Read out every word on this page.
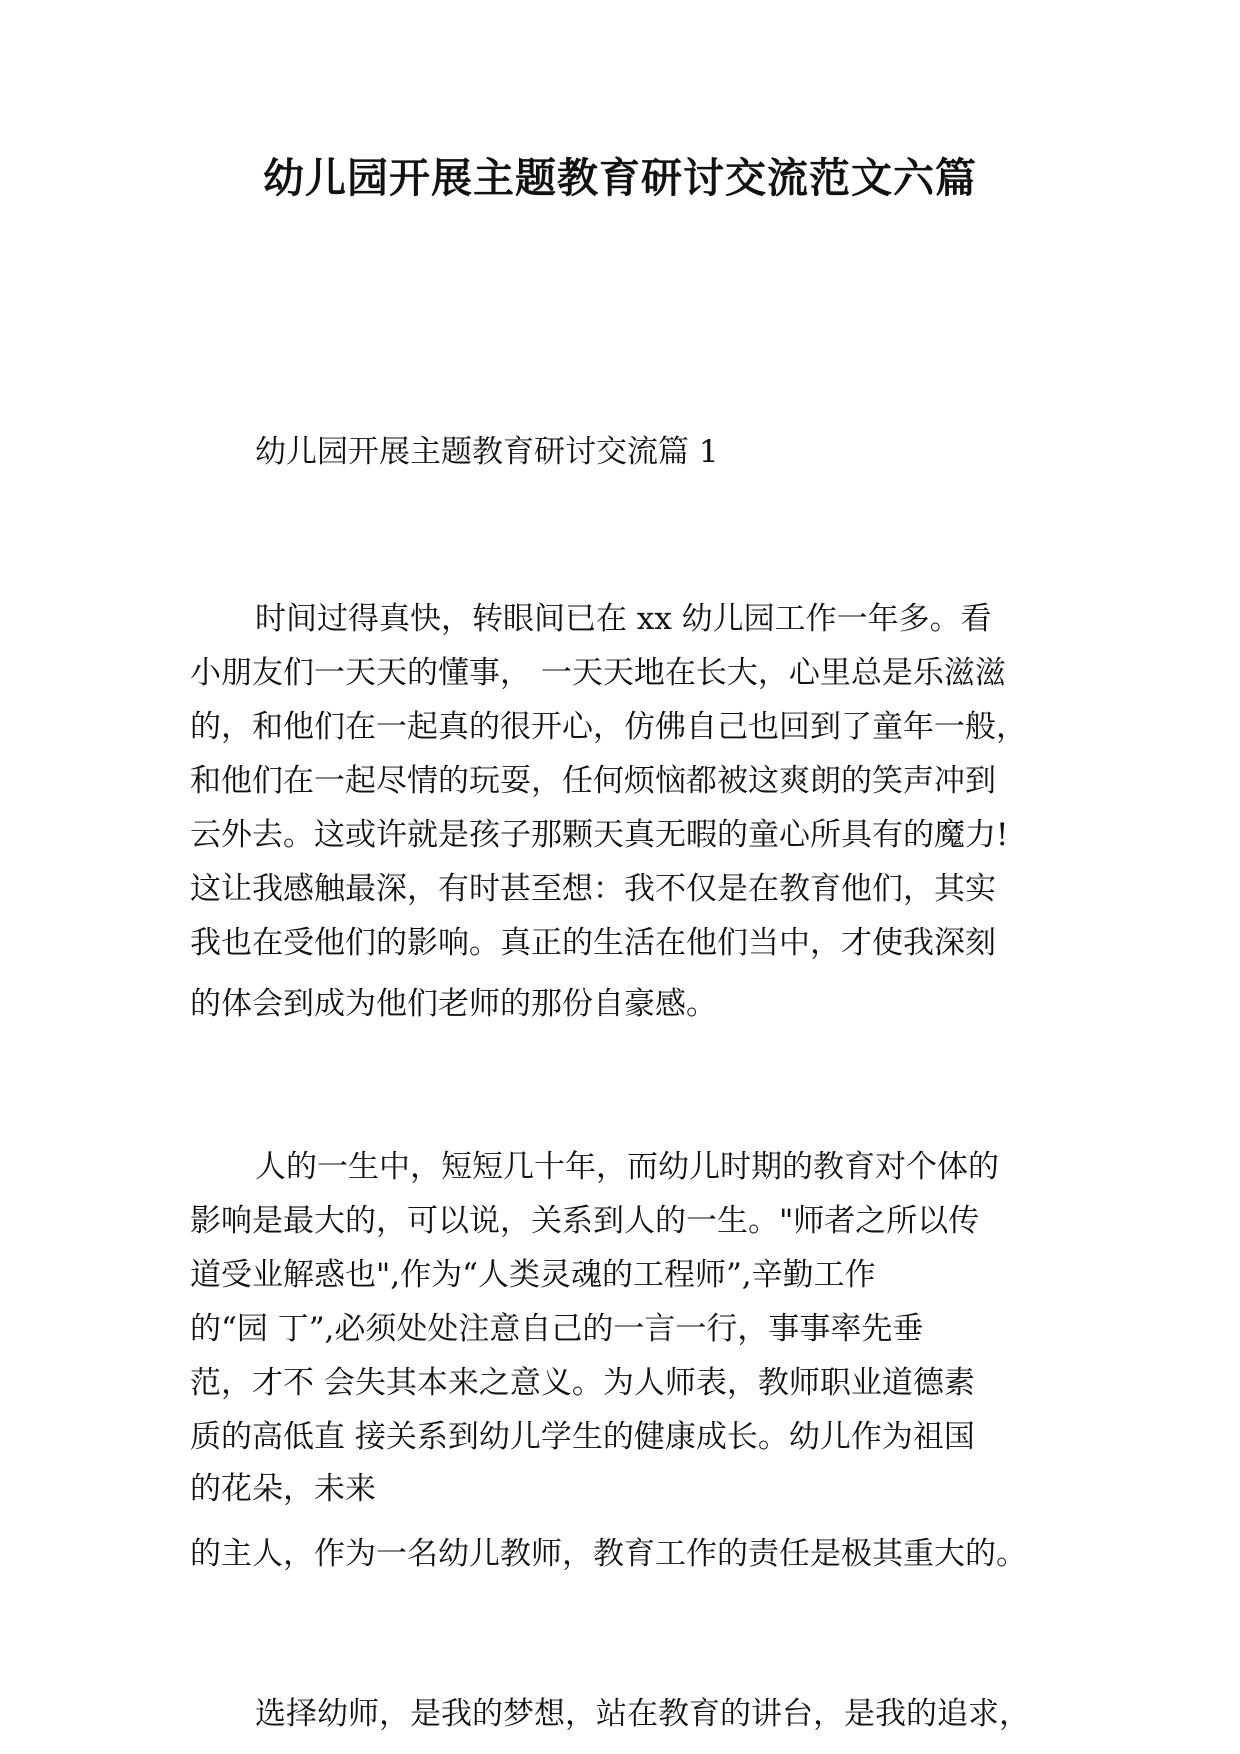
幼儿园开展主题教育研讨交流范文六篇
幼儿园开展主题教育研讨交流篇 1

时间过得真快，转眼间已在 xx 幼儿园工作一年多。看

小朋友们一天天的懂事， 一天天地在长大，心里总是乐滋滋

的，和他们在一起真的很开心，仿佛自己也回到了童年一般，

和他们在一起尽情的玩耍，任何烦恼都被这爽朗的笑声冲到

云外去。这或许就是孩子那颗天真无暇的童心所具有的魔力!

这让我感触最深，有时甚至想：我不仅是在教育他们，其实

我也在受他们的影响。真正的生活在他们当中，才使我深刻

的体会到成为他们老师的那份自豪感。

人的一生中，短短几十年，而幼儿时期的教育对个体的

影响是最大的，可以说，关系到人的一生。"师者之所以传

道受业解惑也",作为“人类灵魂的工程师”,辛勤工作

的“园 丁”,必须处处注意自己的一言一行，事事率先垂

范，才不 会失其本来之意义。为人师表，教师职业道德素

质的高低直 接关系到幼儿学生的健康成长。幼儿作为祖国

的花朵，未来

的主人，作为一名幼儿教师，教育工作的责任是极其重大的。

选择幼师，是我的梦想，站在教育的讲台，是我的追求，
